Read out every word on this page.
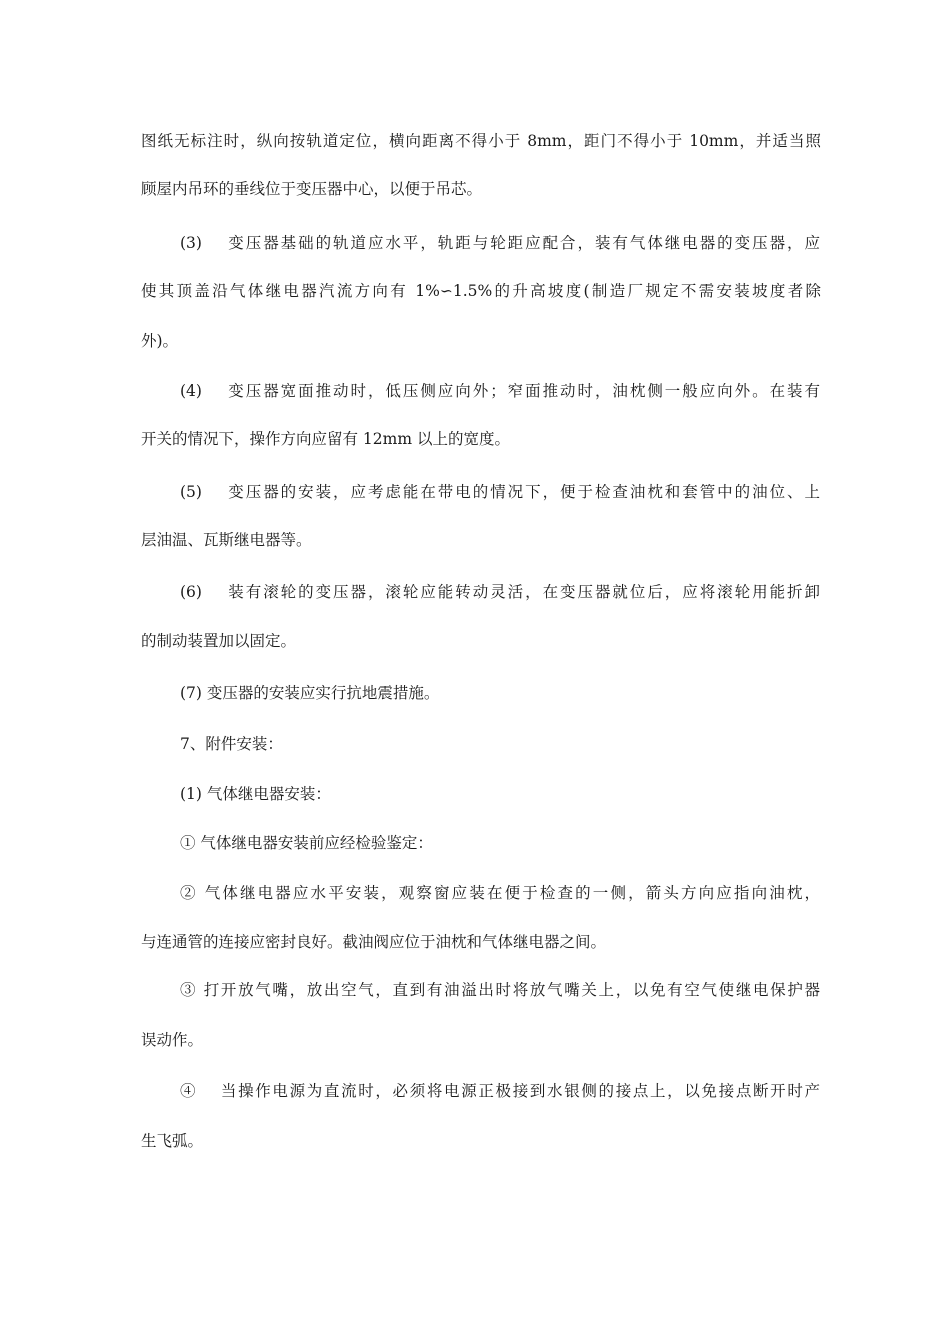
图纸无标注时，纵向按轨道定位，横向距离不得小于 8mm，距门不得小于 10mm，并适当照
顾屋内吊环的垂线位于变压器中心，以便于吊芯。
(3)　 变压器基础的轨道应水平，轨距与轮距应配合，装有气体继电器的变压器，应
使其顶盖沿气体继电器汽流方向有 1%∽1.5%的升高坡度(制造厂规定不需安装坡度者除
外)。
(4)　 变压器宽面推动时，低压侧应向外；窄面推动时，油枕侧一般应向外。在装有
开关的情况下，操作方向应留有 12mm 以上的宽度。
(5)　 变压器的安装，应考虑能在带电的情况下，便于检查油枕和套管中的油位、上
层油温、瓦斯继电器等。
(6)　 装有滚轮的变压器，滚轮应能转动灵活，在变压器就位后，应将滚轮用能折卸
的制动装置加以固定。
(7) 变压器的安装应实行抗地震措施。
7、附件安装：
(1) 气体继电器安装：
① 气体继电器安装前应经检验鉴定：
② 气体继电器应水平安装，观察窗应装在便于检查的一侧，箭头方向应指向油枕，
与连通管的连接应密封良好。截油阀应位于油枕和气体继电器之间。
③ 打开放气嘴，放出空气，直到有油溢出时将放气嘴关上，以免有空气使继电保护器
误动作。
④　 当操作电源为直流时，必须将电源正极接到水银侧的接点上，以免接点断开时产
生飞弧。
